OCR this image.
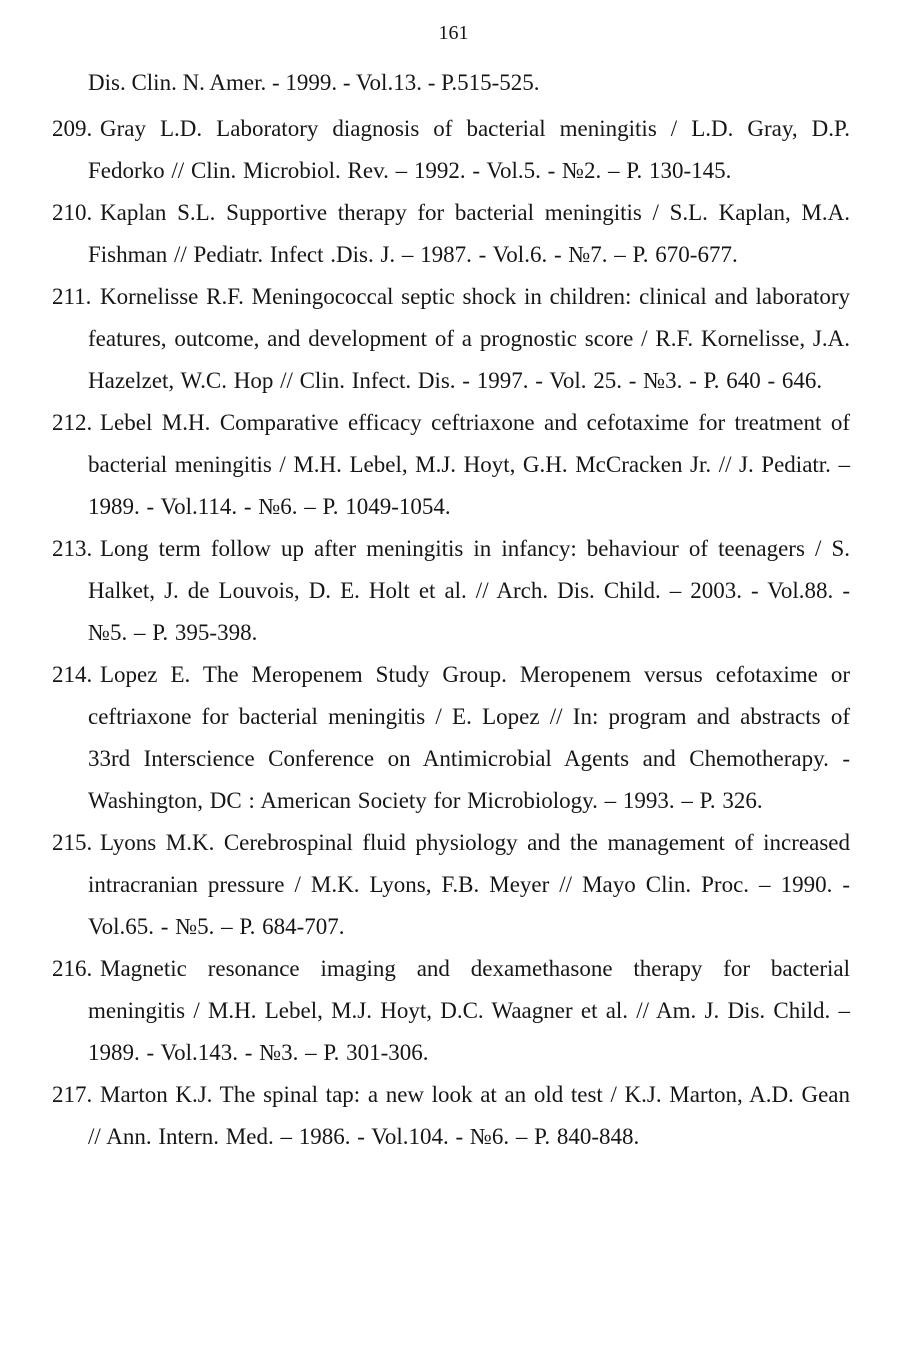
161

Dis. Clin. N. Amer. - 1999. - Vol.13. - P.515-525.

209. Gray L.D. Laboratory diagnosis of bacterial meningitis / L.D. Gray, D.P. Fedorko // Clin. Microbiol. Rev. – 1992. - Vol.5. - №2. – P. 130-145.

210. Kaplan S.L. Supportive therapy for bacterial meningitis / S.L. Kaplan, M.A. Fishman // Pediatr. Infect .Dis. J. – 1987. - Vol.6. - №7. – P. 670-677.

211. Kornelisse R.F. Meningococcal septic shock in children: clinical and laboratory features, outcome, and development of a prognostic score / R.F. Kornelisse, J.A. Hazelzet, W.C. Hop // Clin. Infect. Dis. - 1997. - Vol. 25. - №3. - P. 640 - 646.

212. Lebel M.H. Comparative efficacy ceftriaxone and cefotaxime for treatment of bacterial meningitis / M.H. Lebel, M.J. Hoyt, G.H. McCracken Jr. // J. Pediatr. – 1989. - Vol.114. - №6. – P. 1049-1054.

213. Long term follow up after meningitis in infancy: behaviour of teenagers / S. Halket, J. de Louvois, D. E. Holt et al. // Arch. Dis. Child. – 2003. - Vol.88. - №5. – P. 395-398.

214. Lopez E. The Meropenem Study Group. Meropenem versus cefotaxime or ceftriaxone for bacterial meningitis / E. Lopez // In: program and abstracts of 33rd Interscience Conference on Antimicrobial Agents and Chemotherapy. - Washington, DC : American Society for Microbiology. – 1993. – P. 326.

215. Lyons M.K. Cerebrospinal fluid physiology and the management of increased intracranian pressure / M.K. Lyons, F.B. Meyer // Mayo Clin. Proc. – 1990. - Vol.65. - №5. – P. 684-707.

216. Magnetic resonance imaging and dexamethasone therapy for bacterial meningitis / M.H. Lebel, M.J. Hoyt, D.C. Waagner et al. // Am. J. Dis. Child. – 1989. - Vol.143. - №3. – P. 301-306.

217. Marton K.J. The spinal tap: a new look at an old test / K.J. Marton, A.D. Gean // Ann. Intern. Med. – 1986. - Vol.104. - №6. – P. 840-848.
